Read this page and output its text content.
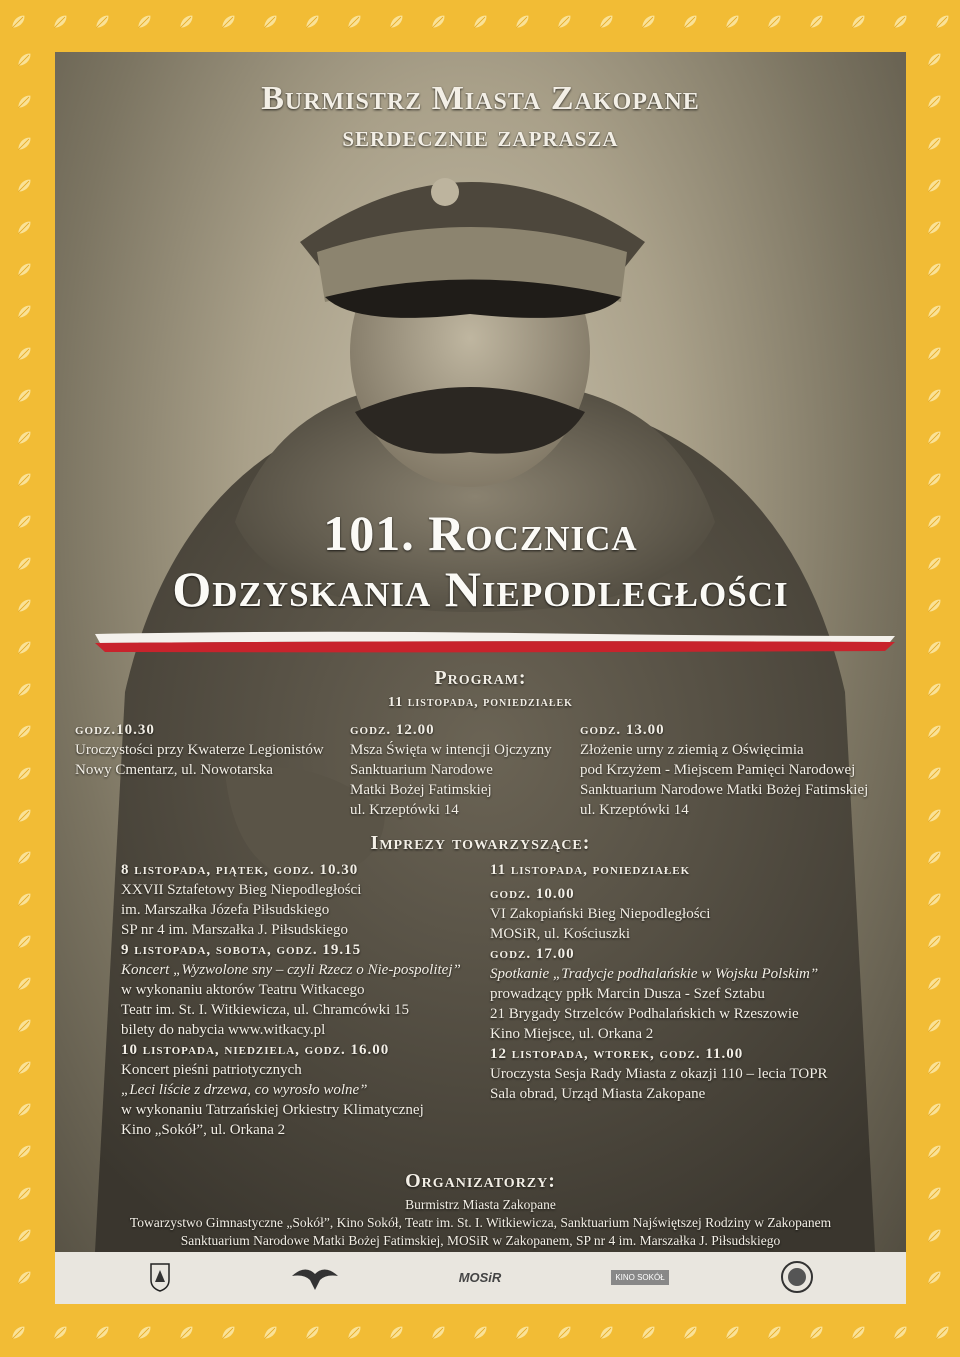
Burmistrz Miasta Zakopane
serdecznie zaprasza
101. Rocznica
Odzyskania Niepodległości
Program:
11 listopada, poniedziałek
godz.10.30
Uroczystości przy Kwaterze Legionistów
Nowy Cmentarz, ul. Nowotarska
godz. 12.00
Msza Święta w intencji Ojczyzny
Sanktuarium Narodowe
Matki Bożej Fatimskiej
ul. Krzeptówki 14
godz. 13.00
Złożenie urny z ziemią z Oświęcimia
pod Krzyżem - Miejscem Pamięci Narodowej
Sanktuarium Narodowe Matki Bożej Fatimskiej
ul. Krzeptówki 14
Imprezy towarzyszące:
8 listopada, piątek, godz. 10.30
XXVII Sztafetowy Bieg Niepodległości
im. Marszałka Józefa Piłsudskiego
SP nr 4 im. Marszałka J. Piłsudskiego
9 listopada, sobota, godz. 19.15
Koncert „Wyzwolone sny – czyli Rzecz o Nie-pospolitej”
w wykonaniu aktorów Teatru Witkacego
Teatr im. St. I. Witkiewicza, ul. Chramcówki 15
bilety do nabycia www.witkacy.pl
10 listopada, niedziela, godz. 16.00
Koncert pieśni patriotycznych
„Leci liście z drzewa, co wyrosło wolne”
w wykonaniu Tatrzańskiej Orkiestry Klimatycznej
Kino „Sokół”, ul. Orkana 2
11 listopada, poniedziałek
godz. 10.00
VI Zakopiański Bieg Niepodległości
MOSiR, ul. Kościuszki
godz. 17.00
Spotkanie „Tradycje podhalańskie w Wojsku Polskim”
prowadzący ppłk Marcin Dusza - Szef Sztabu
21 Brygady Strzelców Podhalańskich w Rzeszowie
Kino Miejsce, ul. Orkana 2
12 listopada, wtorek, godz. 11.00
Uroczysta Sesja Rady Miasta z okazji 110 – lecia TOPR
Sala obrad, Urząd Miasta Zakopane
Organizatorzy:
Burmistrz Miasta Zakopane
Towarzystwo Gimnastyczne „Sokół”, Kino Sokół, Teatr im. St. I. Witkiewicza, Sanktuarium Najświętszej Rodziny w Zakopanem
Sanktuarium Narodowe Matki Bożej Fatimskiej, MOSiR w Zakopanem, SP nr 4 im. Marszałka J. Piłsudskiego
MOSiR	KINO SOKÓŁ
